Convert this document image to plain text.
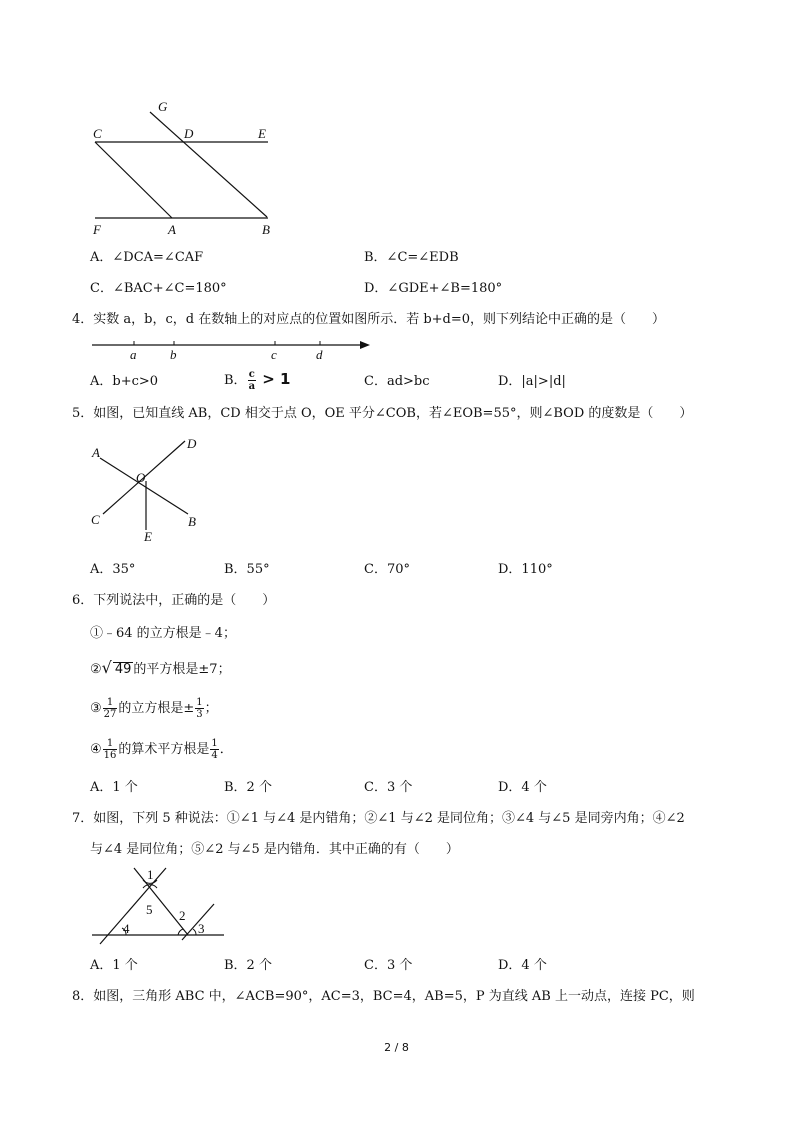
G
C	D	E
F	A	B
A．∠DCA=∠CAF	B．∠C=∠EDB
C．∠BAC+∠C=180°	D．∠GDE+∠B=180°
4．实数 a，b，c，d 在数轴上的对应点的位置如图所示．若 b+d=0，则下列结论中正确的是（　　）
a	b	c	d
A．b+c>0	B． $\frac{c}{a} > 1$	C．ad>bc	D．|a|>|d|
5．如图，已知直线 AB，CD 相交于点 O，OE 平分∠COB，若∠EOB=55°，则∠BOD 的度数是（　　）
A
D
O
C	B
E
A．35°	B．55°	C．70°	D．110°
6．下列说法中，正确的是（　　）
①﹣64 的立方根是﹣4；
②√ 49 的平方根是±7；
③ $\frac{1}{27}$ 的立方根是± $\frac{1}{3}$ ；
④ $\frac{1}{16}$ 的算术平方根是 $\frac{1}{4}$ ．
A．1 个	B．2 个	C．3 个	D．4 个
7．如图，下列 5 种说法：①∠1 与∠4 是内错角；②∠1 与∠2 是同位角；③∠4 与∠5 是同旁内角；④∠2
与∠4 是同位角；⑤∠2 与∠5 是内错角．其中正确的有（　　）
1
5 2
4	3
A．1 个	B．2 个	C．3 个	D．4 个
8．如图，三角形 ABC 中，∠ACB=90°，AC=3，BC=4，AB=5，P 为直线 AB 上一动点，连接 PC，则
2 / 8
